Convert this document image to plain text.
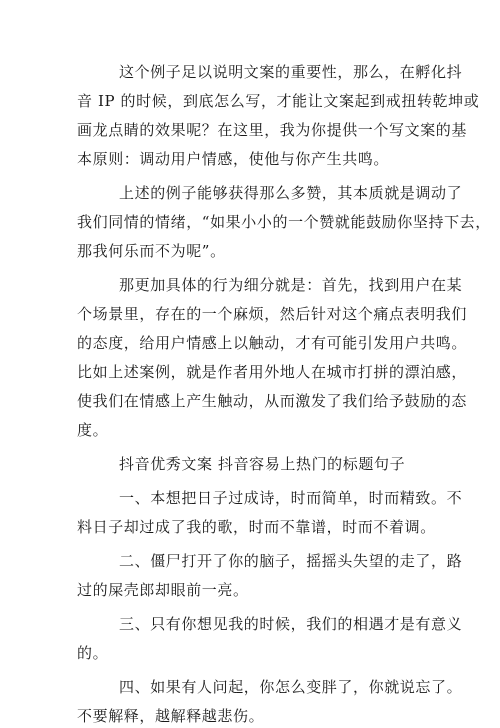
这个例子足以说明文案的重要性，那么，在孵化抖
音 IP 的时候，到底怎么写，才能让文案起到戒扭转乾坤或
画龙点睛的效果呢？在这里，我为你提供一个写文案的基
本原则：调动用户情感，使他与你产生共鸣。
上述的例子能够获得那么多赞，其本质就是调动了
我们同情的情绪，“如果小小的一个赞就能鼓励你坚持下去，
那我何乐而不为呢”。
那更加具体的行为细分就是：首先，找到用户在某
个场景里，存在的一个麻烦，然后针对这个痛点表明我们
的态度，给用户情感上以触动，才有可能引发用户共鸣。
比如上述案例，就是作者用外地人在城市打拼的漂泊感，
使我们在情感上产生触动，从而激发了我们给予鼓励的态
度。
抖音优秀文案 抖音容易上热门的标题句子
一、本想把日子过成诗，时而简单，时而精致。不
料日子却过成了我的歌，时而不靠谱，时而不着调。
二、僵尸打开了你的脑子，摇摇头失望的走了，路
过的屎壳郎却眼前一亮。
三、只有你想见我的时候，我们的相遇才是有意义
的。
四、如果有人问起，你怎么变胖了，你就说忘了。
不要解释，越解释越悲伤。
